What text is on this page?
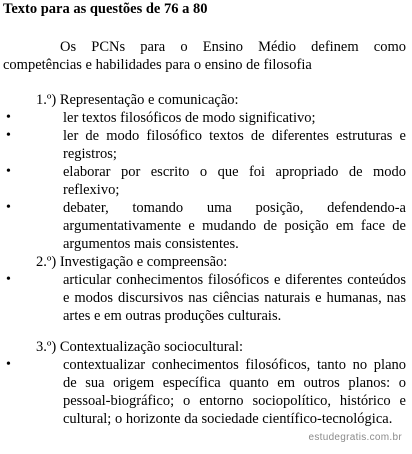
Texto para as questões de 76 a 80
Os PCNs para o Ensino Médio definem como competências e habilidades para o ensino de filosofia
1.º) Representação e comunicação:
•	ler textos filosóficos de modo significativo;
•	ler de modo filosófico textos de diferentes estruturas e registros;
•	elaborar por escrito o que foi apropriado de modo reflexivo;
•	debater, tomando uma posição, defendendo-a argumentativamente e mudando de posição em face de argumentos mais consistentes.
2.º) Investigação e compreensão:
•	articular conhecimentos filosóficos e diferentes conteúdos e modos discursivos nas ciências naturais e humanas, nas artes e em outras produções culturais.
3.º) Contextualização sociocultural:
•	contextualizar conhecimentos filosóficos, tanto no plano de sua origem específica quanto em outros planos: o pessoal-biográfico; o entorno sociopolítico, histórico e cultural; o horizonte da sociedade científico-tecnológica.
estudegratis.com.br
